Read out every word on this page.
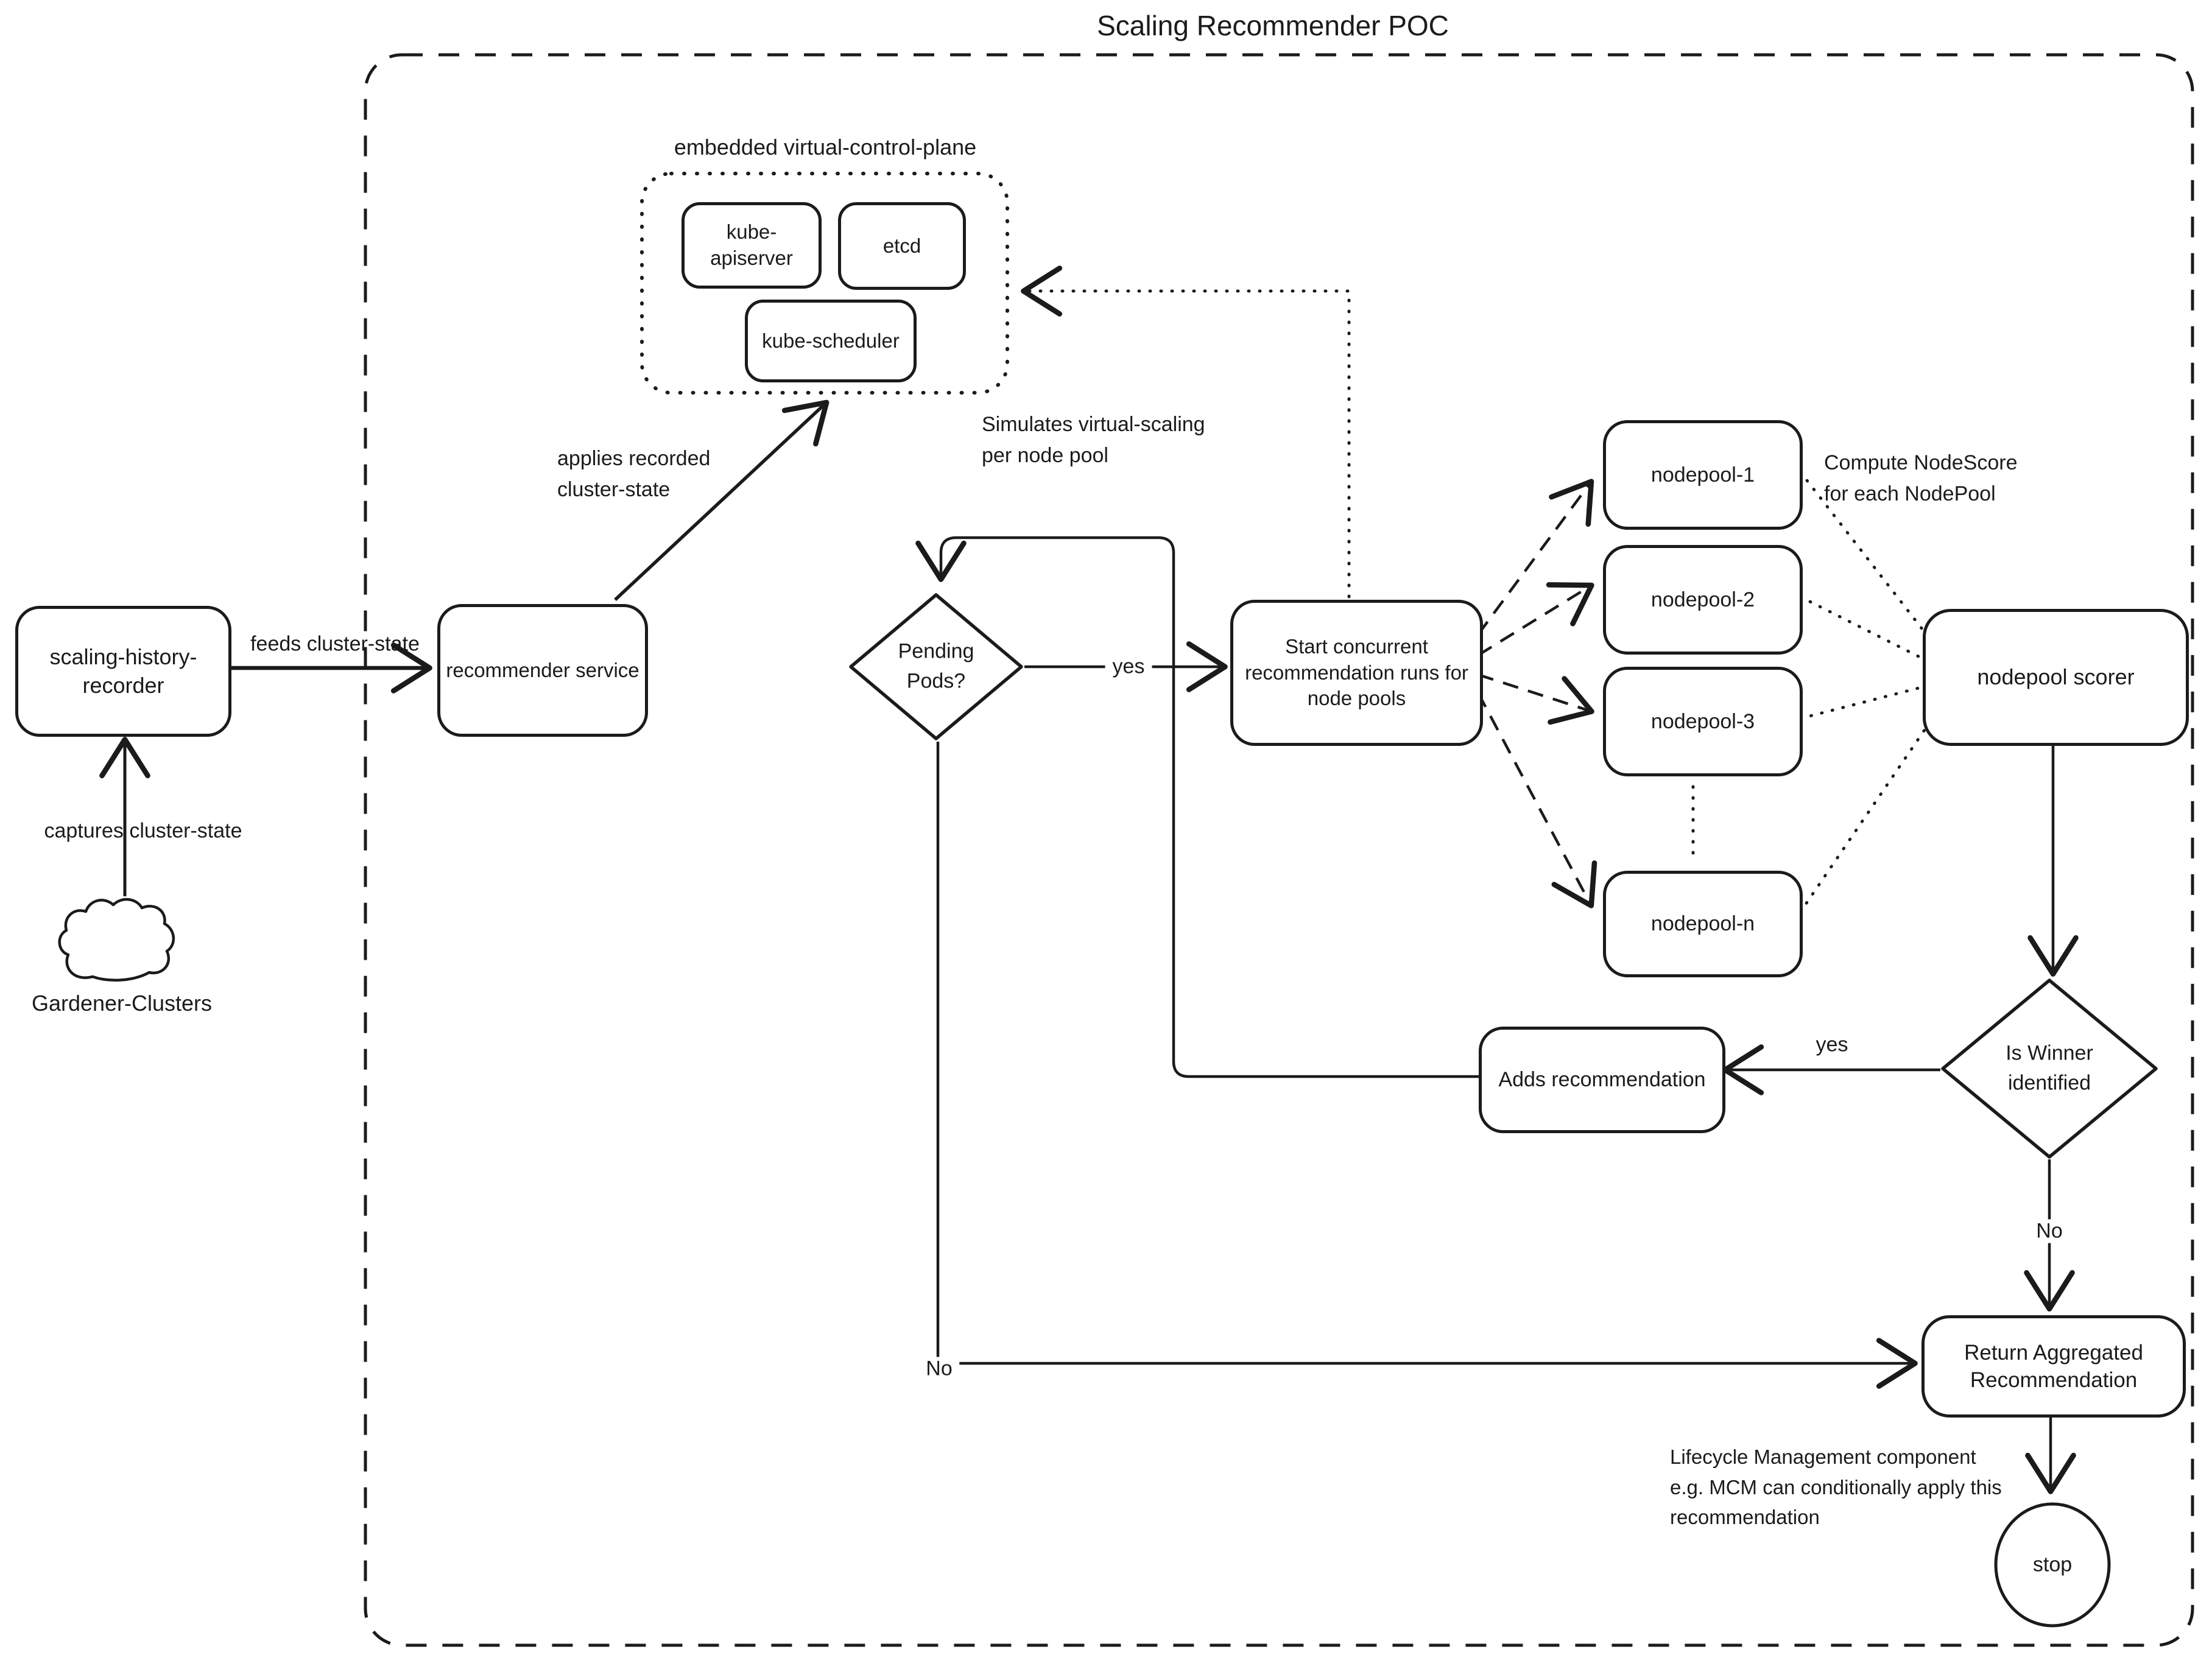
Scaling Recommender POC
embedded virtual-control-plane
kube-
apiserver
etcd
kube-scheduler
scaling-history-
recorder
recommender service
Start concurrent
recommendation runs for
node pools
nodepool-1
nodepool-2
nodepool-3
nodepool-n
nodepool scorer
Adds recommendation
Return Aggregated
Recommendation
Pending
Pods?
Is Winner
identified
stop
Gardener-Clusters
captures cluster-state
feeds cluster-state
yes
No
yes
No
applies recorded
cluster-state
Simulates virtual-scaling
per node pool	Compute NodeScore
for each NodePool
Lifecycle Management component
e.g. MCM can conditionally apply this
recommendation
